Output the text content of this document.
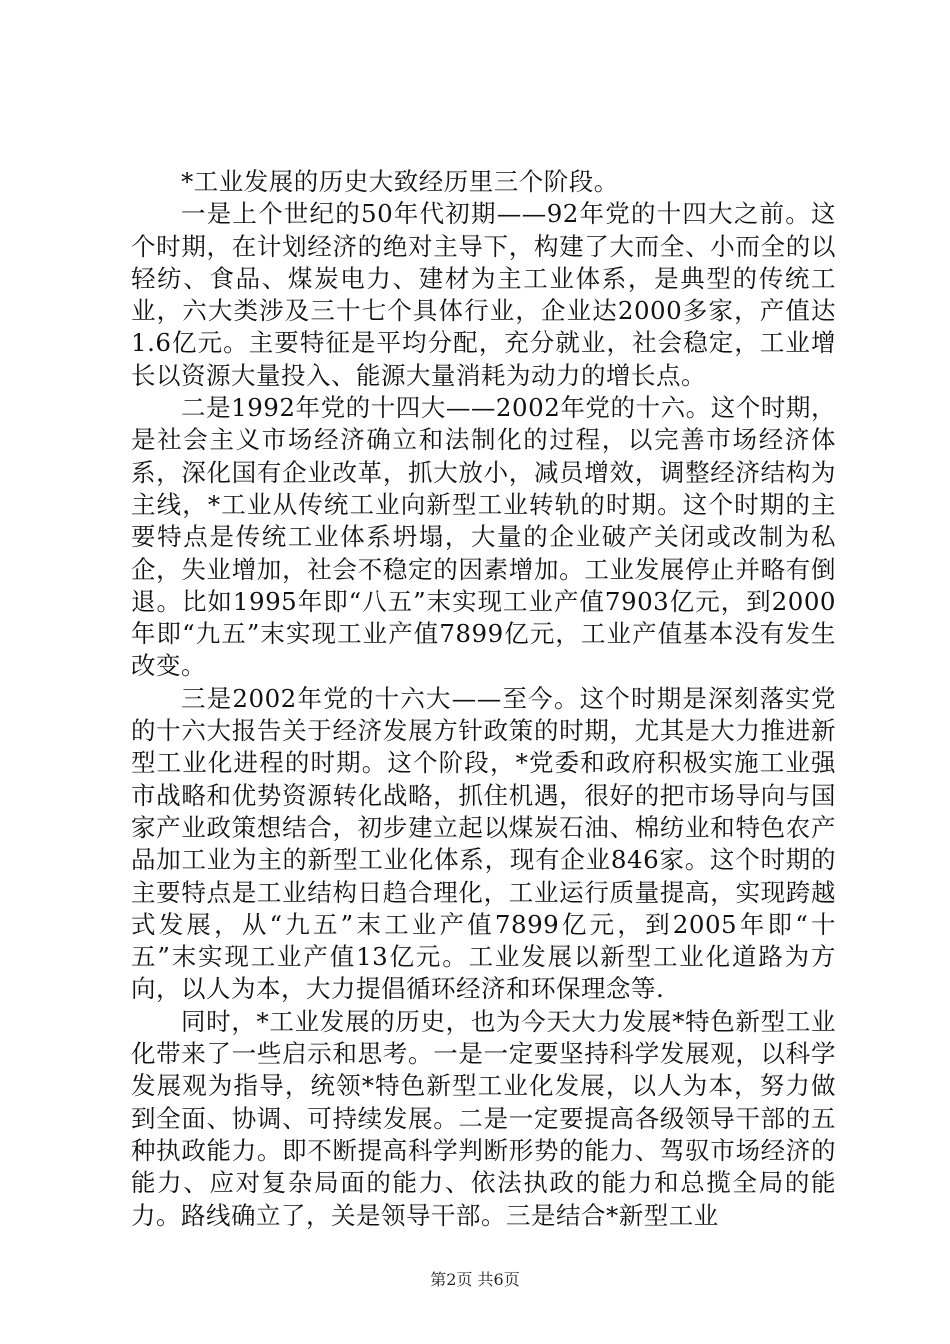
*工业发展的历史大致经历里三个阶段。

一是上个世纪的50年代初期——92年党的十四大之前。这个时期，在计划经济的绝对主导下，构建了大而全、小而全的以轻纺、食品、煤炭电力、建材为主工业体系，是典型的传统工业，六大类涉及三十七个具体行业，企业达2000多家，产值达1.6亿元。主要特征是平均分配，充分就业，社会稳定，工业增长以资源大量投入、能源大量消耗为动力的增长点。

二是1992年党的十四大——2002年党的十六。这个时期，是社会主义市场经济确立和法制化的过程，以完善市场经济体系，深化国有企业改革，抓大放小，减员增效，调整经济结构为主线，*工业从传统工业向新型工业转轨的时期。这个时期的主要特点是传统工业体系坍塌，大量的企业破产关闭或改制为私企，失业增加，社会不稳定的因素增加。工业发展停止并略有倒退。比如1995年即“八五”末实现工业产值7903亿元，到2000年即“九五”末实现工业产值7899亿元，工业产值基本没有发生改变。

三是2002年党的十六大——至今。这个时期是深刻落实党的十六大报告关于经济发展方针政策的时期，尤其是大力推进新型工业化进程的时期。这个阶段，*党委和政府积极实施工业强市战略和优势资源转化战略，抓住机遇，很好的把市场导向与国家产业政策想结合，初步建立起以煤炭石油、棉纺业和特色农产品加工业为主的新型工业化体系，现有企业846家。这个时期的主要特点是工业结构日趋合理化，工业运行质量提高，实现跨越式发展，从“九五”末工业产值7899亿元，到2005年即“十五”末实现工业产值13亿元。工业发展以新型工业化道路为方向，以人为本，大力提倡循环经济和环保理念等.

同时，*工业发展的历史，也为今天大力发展*特色新型工业化带来了一些启示和思考。一是一定要坚持科学发展观，以科学发展观为指导，统领*特色新型工业化发展，以人为本，努力做到全面、协调、可持续发展。二是一定要提高各级领导干部的五种执政能力。即不断提高科学判断形势的能力、驾驭市场经济的能力、应对复杂局面的能力、依法执政的能力和总揽全局的能力。路线确立了，关是领导干部。三是结合*新型工业

第2页 共6页
